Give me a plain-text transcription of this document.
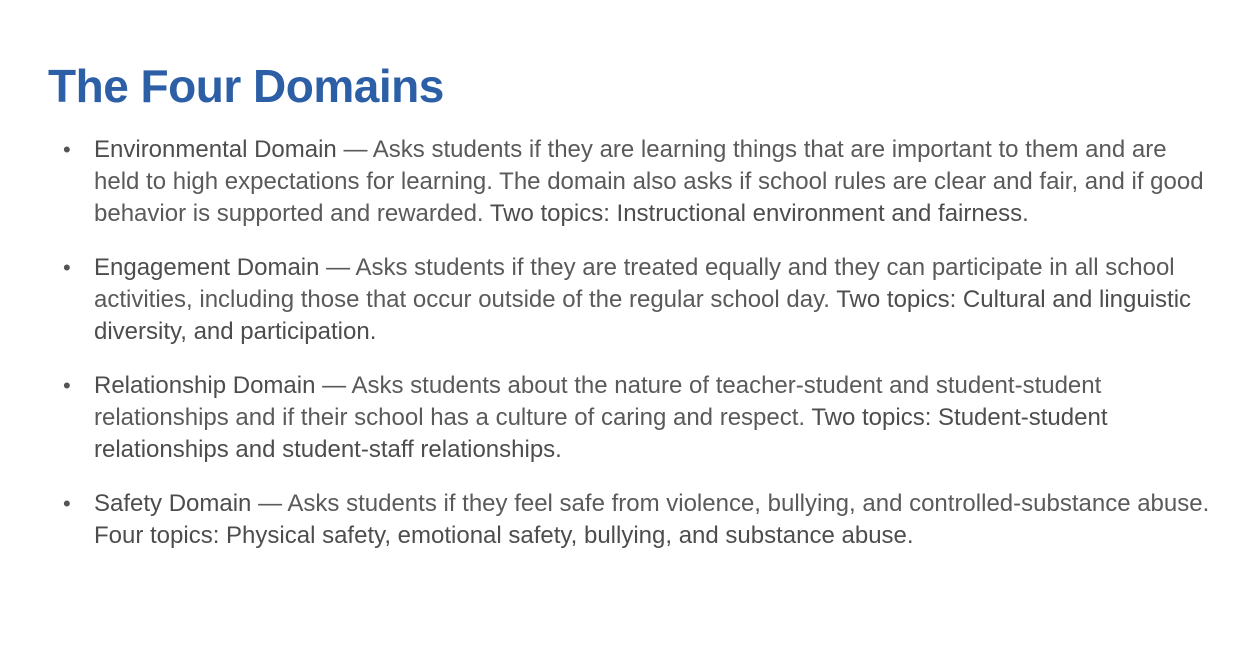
The Four Domains
• Environmental Domain — Asks students if they are learning things that are important to them and are held to high expectations for learning. The domain also asks if school rules are clear and fair, and if good behavior is supported and rewarded. Two topics: Instructional environment and fairness.
• Engagement Domain — Asks students if they are treated equally and they can participate in all school activities, including those that occur outside of the regular school day. Two topics: Cultural and linguistic diversity, and participation.
• Relationship Domain — Asks students about the nature of teacher-student and student-student relationships and if their school has a culture of caring and respect. Two topics: Student-student relationships and student-staff relationships.
• Safety Domain — Asks students if they feel safe from violence, bullying, and controlled-substance abuse. Four topics: Physical safety, emotional safety, bullying, and substance abuse.
